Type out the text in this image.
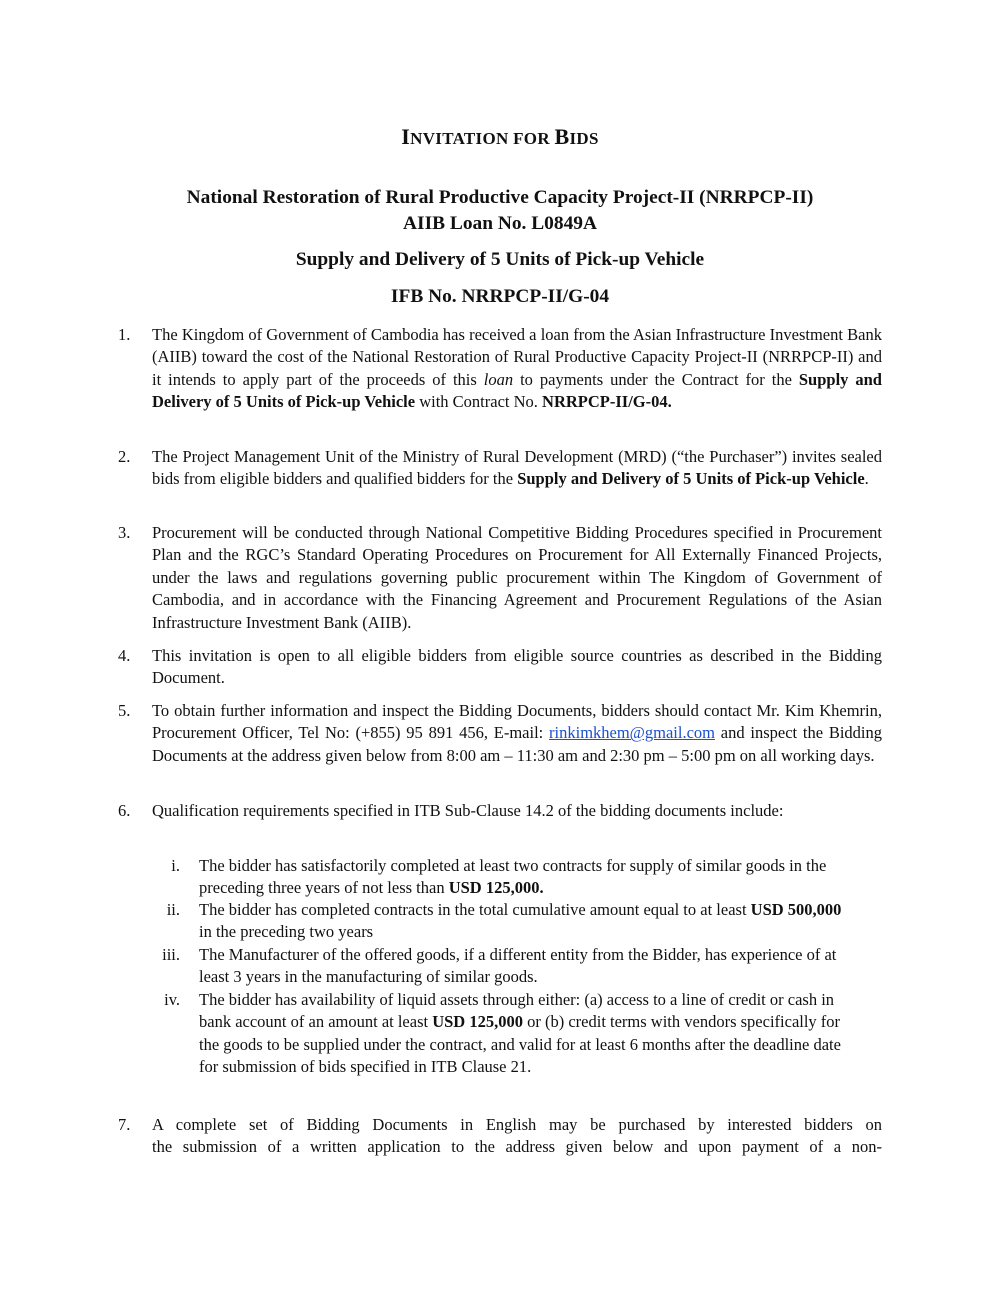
INVITATION FOR BIDS

National Restoration of Rural Productive Capacity Project-II (NRRPCP-II)

AIIB Loan No. L0849A

Supply and Delivery of 5 Units of Pick-up Vehicle

IFB No. NRRPCP-II/G-04

1.	The Kingdom of Government of Cambodia has received a loan from the Asian Infrastructure Investment Bank (AIIB) toward the cost of the National Restoration of Rural Productive Capacity Project-II (NRRPCP-II) and it intends to apply part of the proceeds of this loan to payments under the Contract for the Supply and Delivery of 5 Units of Pick-up Vehicle with Contract No. NRRPCP-II/G-04.
2.	The Project Management Unit of the Ministry of Rural Development (MRD) (“the Purchaser”) invites sealed bids from eligible bidders and qualified bidders for the Supply and Delivery of 5 Units of Pick-up Vehicle.
3.	Procurement will be conducted through National Competitive Bidding Procedures specified in Procurement Plan and the RGC’s Standard Operating Procedures on Procurement for All Externally Financed Projects, under the laws and regulations governing public procurement within The Kingdom of Government of Cambodia, and in accordance with the Financing Agreement and Procurement Regulations of the Asian Infrastructure Investment Bank (AIIB).
4.	This invitation is open to all eligible bidders from eligible source countries as described in the Bidding Document.
5.	To obtain further information and inspect the Bidding Documents, bidders should contact Mr. Kim Khemrin, Procurement Officer, Tel No: (+855) 95 891 456, E-mail: rinkimkhem@gmail.com and inspect the Bidding Documents at the address given below from 8:00 am – 11:30 am and 2:30 pm – 5:00 pm on all working days.
6.	Qualification requirements specified in ITB Sub-Clause 14.2 of the bidding documents include:
i. The bidder has satisfactorily completed at least two contracts for supply of similar goods in the preceding three years of not less than USD 125,000.
ii. The bidder has completed contracts in the total cumulative amount equal to at least USD 500,000 in the preceding two years
iii. The Manufacturer of the offered goods, if a different entity from the Bidder, has experience of at least 3 years in the manufacturing of similar goods.
iv. The bidder has availability of liquid assets through either: (a) access to a line of credit or cash in bank account of an amount at least USD 125,000 or (b) credit terms with vendors specifically for the goods to be supplied under the contract, and valid for at least 6 months after the deadline date for submission of bids specified in ITB Clause 21.
7.	A complete set of Bidding Documents in English may be purchased by interested bidders on
the submission of a written application to the address given below and upon payment of a non-
